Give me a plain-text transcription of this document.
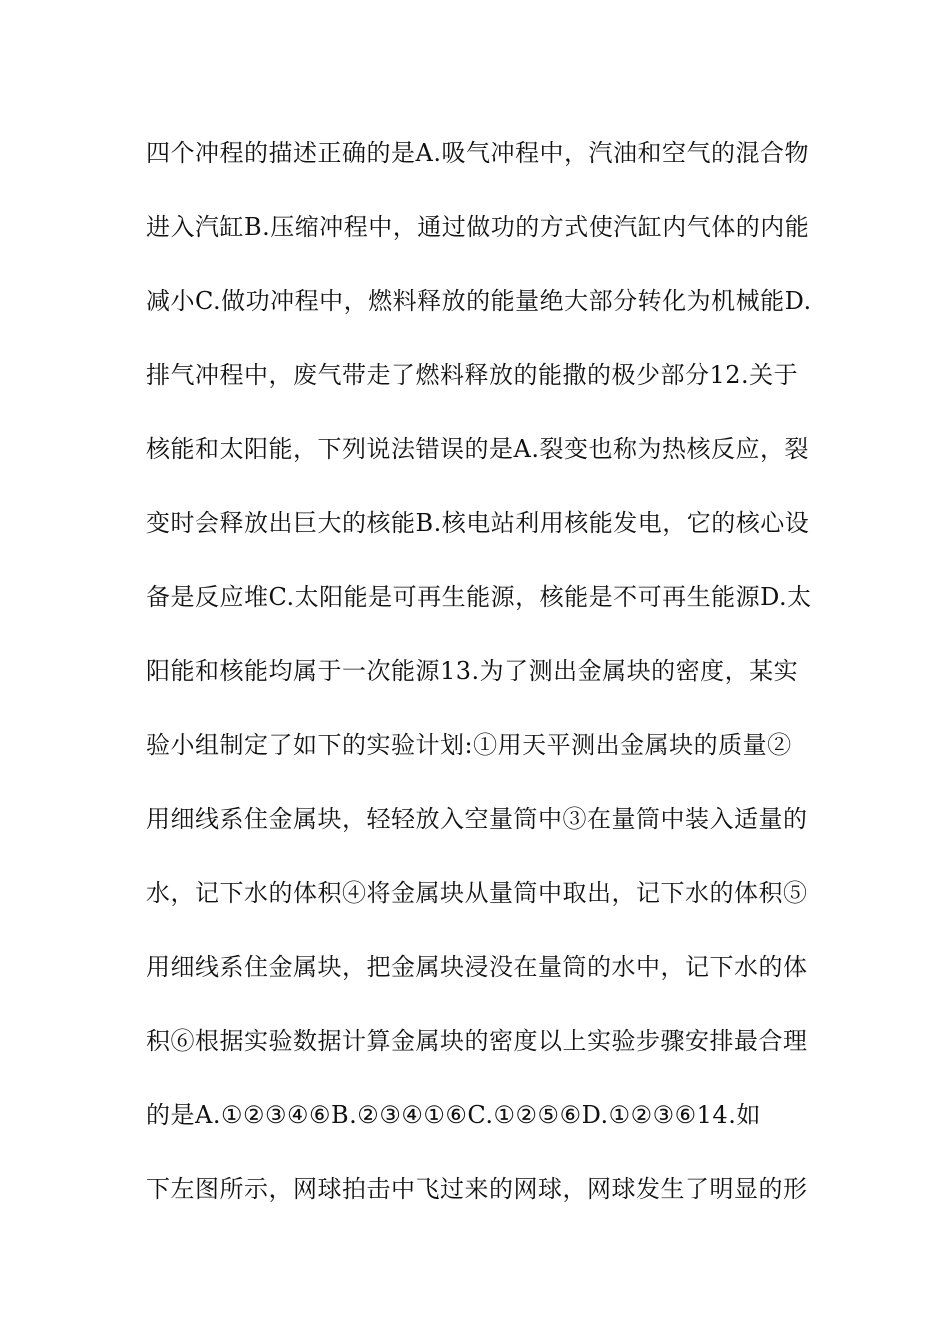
四个冲程的描述正确的是A.吸气冲程中，汽油和空气的混合物
进入汽缸B.压缩冲程中，通过做功的方式使汽缸内气体的内能
减小C.做功冲程中，燃料释放的能量绝大部分转化为机械能D.
排气冲程中，废气带走了燃料释放的能撒的极少部分12.关于
核能和太阳能，下列说法错误的是A.裂变也称为热核反应，裂
变时会释放出巨大的核能B.核电站利用核能发电，它的核心设
备是反应堆C.太阳能是可再生能源，核能是不可再生能源D.太
阳能和核能均属于一次能源13.为了测出金属块的密度，某实
验小组制定了如下的实验计划:①用天平测出金属块的质量②
用细线系住金属块，轻轻放入空量筒中③在量筒中装入适量的
水，记下水的体积④将金属块从量筒中取出，记下水的体积⑤
用细线系住金属块，把金属块浸没在量筒的水中，记下水的体
积⑥根据实验数据计算金属块的密度以上实验步骤安排最合理
的是A.①②③④⑥B.②③④①⑥C.①②⑤⑥D.①②③⑥14.如
下左图所示，网球拍击中飞过来的网球，网球发生了明显的形
